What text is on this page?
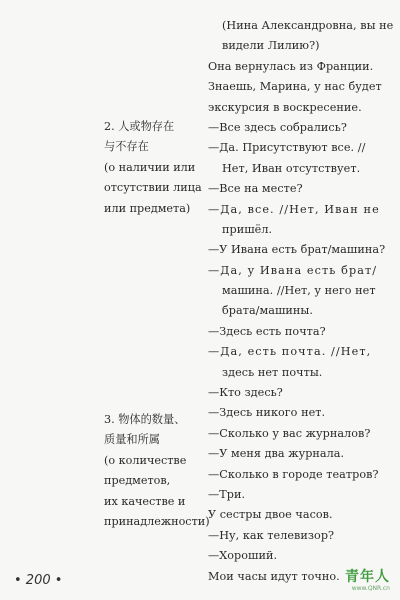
(Нина Александровна, вы не
видели Лилию?)
Она вернулась из Франции.
Знаешь, Марина, у нас будет
экскурсия в воскресение.
—Все здесь собрались?
—Да. Присутствуют все. //
Нет, Иван отсутствует.
—Все на месте?
—Да, все. //Нет, Иван не
пришёл.
—У Ивана есть брат/машина?
—Да, у Ивана есть брат/
машина. //Нет, у него нет
брата/машины.
—Здесь есть почта?
—Да, есть почта. //Нет,
здесь нет почты.
—Кто здесь?
—Здесь никого нет.
—Сколько у вас журналов?
—У меня два журнала.
—Сколько в городе театров?
—Три.
У сестры двое часов.
—Ну, как телевизор?
—Хороший.
Мои часы идут точно.
2. 人或物存在
与不存在
(о наличии или
отсутствии лица
или предмета)
3. 物体的数量、
质量和所属
(о количестве
предметов,
их качестве и
принадлежности)
• 200 •	青年人
www.QNR.cn
